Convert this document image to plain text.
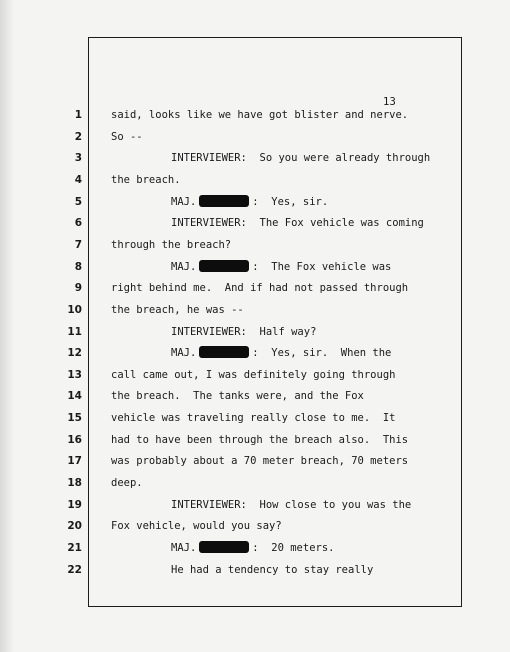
13
1	said, looks like we have got blister and nerve.
2	So --
3	INTERVIEWER:  So you were already through
4	the breach.
5	MAJ.	:  Yes, sir.
6	INTERVIEWER:  The Fox vehicle was coming
7	through the breach?
8	MAJ.	:  The Fox vehicle was
9	right behind me.  And if had not passed through
10	the breach, he was --
11	INTERVIEWER:  Half way?
12	MAJ.	:  Yes, sir.  When the
13	call came out, I was definitely going through
14	the breach.  The tanks were, and the Fox
15	vehicle was traveling really close to me.  It
16	had to have been through the breach also.  This
17	was probably about a 70 meter breach, 70 meters
18	deep.
19	INTERVIEWER:  How close to you was the
20	Fox vehicle, would you say?
21	MAJ.	:  20 meters.
22	He had a tendency to stay really
